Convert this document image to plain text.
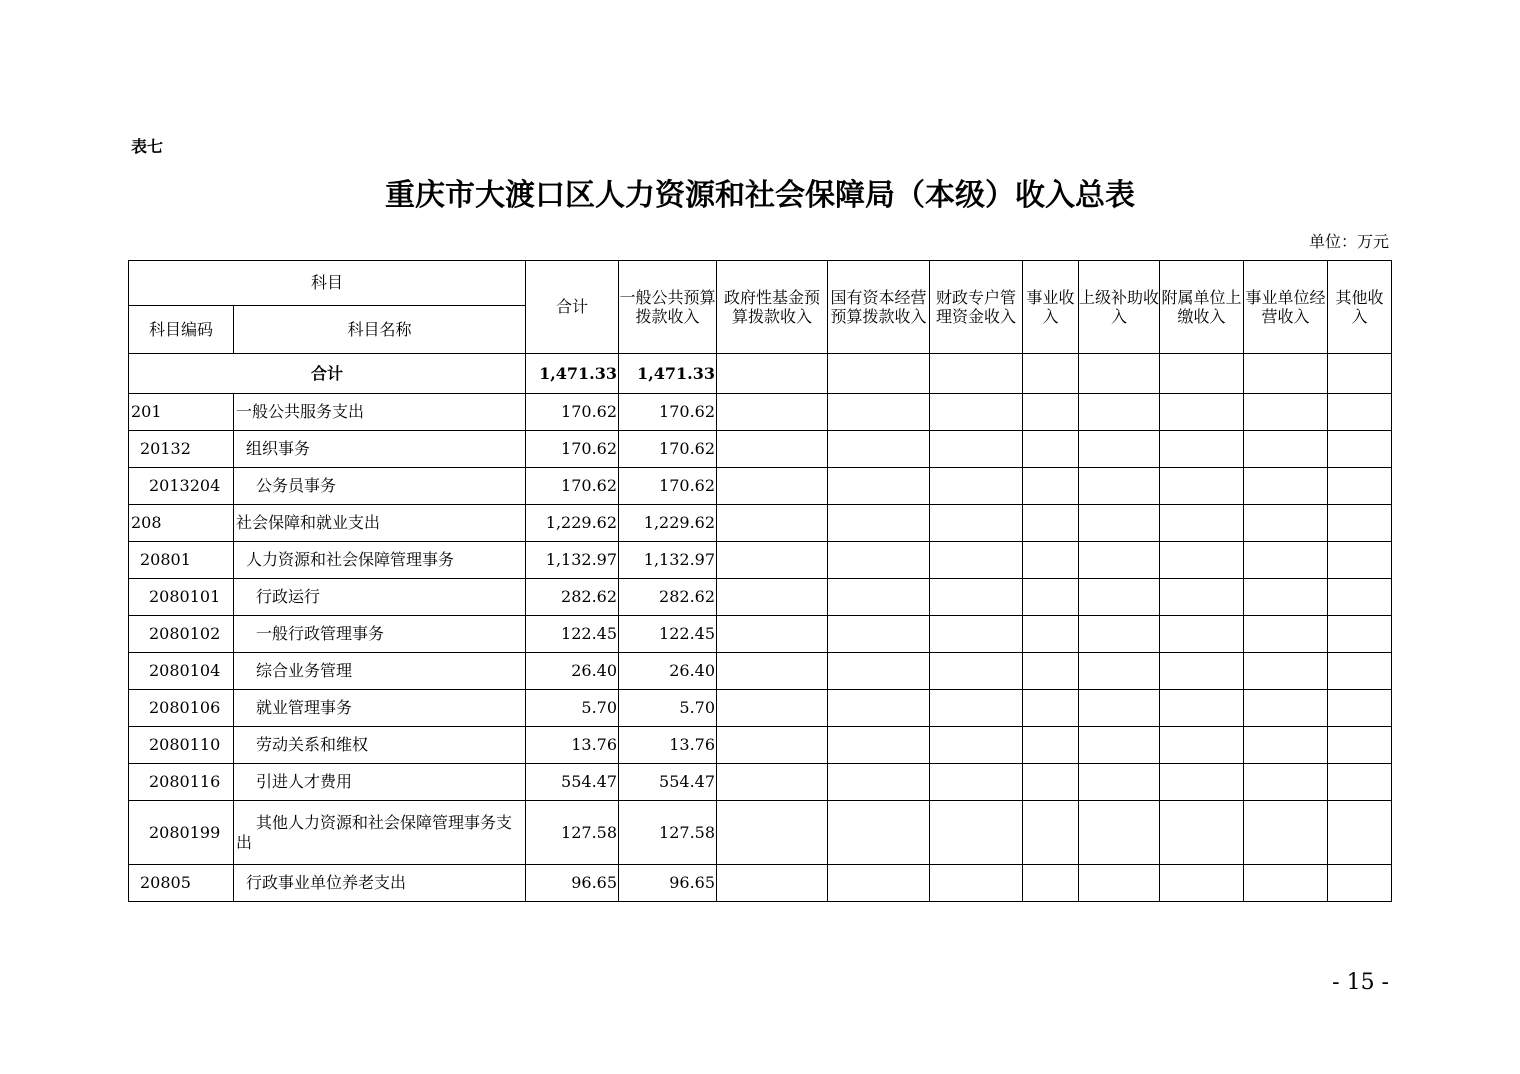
表七
重庆市大渡口区人力资源和社会保障局（本级）收入总表
单位：万元
科目		合计	一般公共预算拨款收入	政府性基金预算拨款收入	国有资本经营预算拨款收入	财政专户管理资金收入	事业收入	上级补助收入	附属单位上缴收入	事业单位经营收入	其他收入
科目编码	科目名称										
合计		1,471.33	1,471.33								
201	一般公共服务支出	170.62	170.62								
20132	组织事务	170.62	170.62								
2013204	公务员事务	170.62	170.62								
208	社会保障和就业支出	1,229.62	1,229.62								
20801	人力资源和社会保障管理事务	1,132.97	1,132.97								
2080101	行政运行	282.62	282.62								
2080102	一般行政管理事务	122.45	122.45								
2080104	综合业务管理	26.40	26.40								
2080106	就业管理事务	5.70	5.70								
2080110	劳动关系和维权	13.76	13.76								
2080116	引进人才费用	554.47	554.47								
2080199	其他人力资源和社会保障管理事务支出	127.58	127.58								
20805	行政事业单位养老支出	96.65	96.65								
- 15 -
